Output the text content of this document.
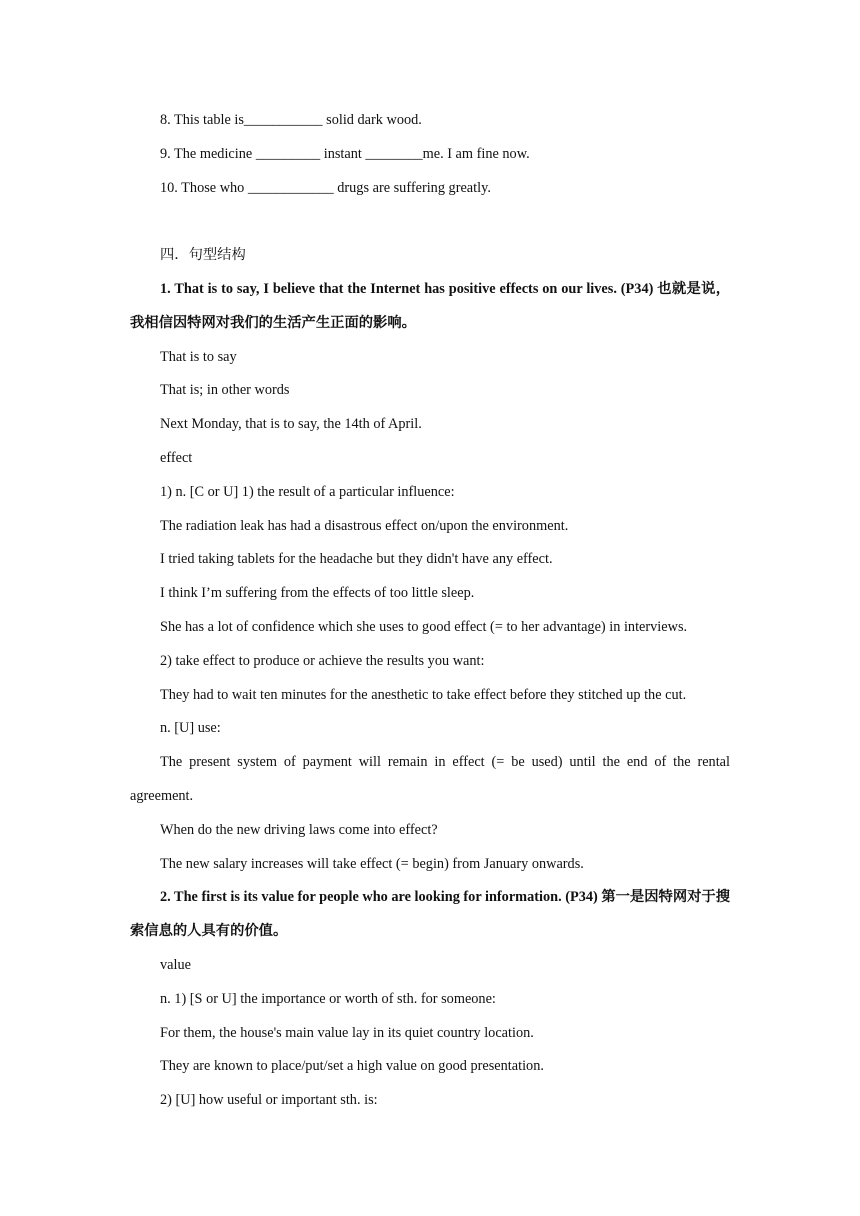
8. This table is___________ solid dark wood.

9. The medicine _________ instant ________me. I am fine now.

10. Those who ____________ drugs are suffering greatly.

四．句型结构

1. That is to say, I believe that the Internet has positive effects on our lives. (P34) 也就是说，我相信因特网对我们的生活产生正面的影响。

That is to say

That is; in other words

Next Monday, that is to say, the 14th of April.

effect

1) n. [C or U] 1) the result of a particular influence:

The radiation leak has had a disastrous effect on/upon the environment.

I tried taking tablets for the headache but they didn't have any effect.

I think I’m suffering from the effects of too little sleep.

She has a lot of confidence which she uses to good effect (= to her advantage) in interviews.

2) take effect to produce or achieve the results you want:

They had to wait ten minutes for the anesthetic to take effect before they stitched up the cut.

n. [U] use:

The present system of payment will remain in effect (= be used) until the end of the rental agreement.

When do the new driving laws come into effect?

The new salary increases will take effect (= begin) from January onwards.

2. The first is its value for people who are looking for information. (P34) 第一是因特网对于搜索信息的人具有的价值。

value

n. 1) [S or U] the importance or worth of sth. for someone:

For them, the house's main value lay in its quiet country location.

They are known to place/put/set a high value on good presentation.

2) [U] how useful or important sth. is:
